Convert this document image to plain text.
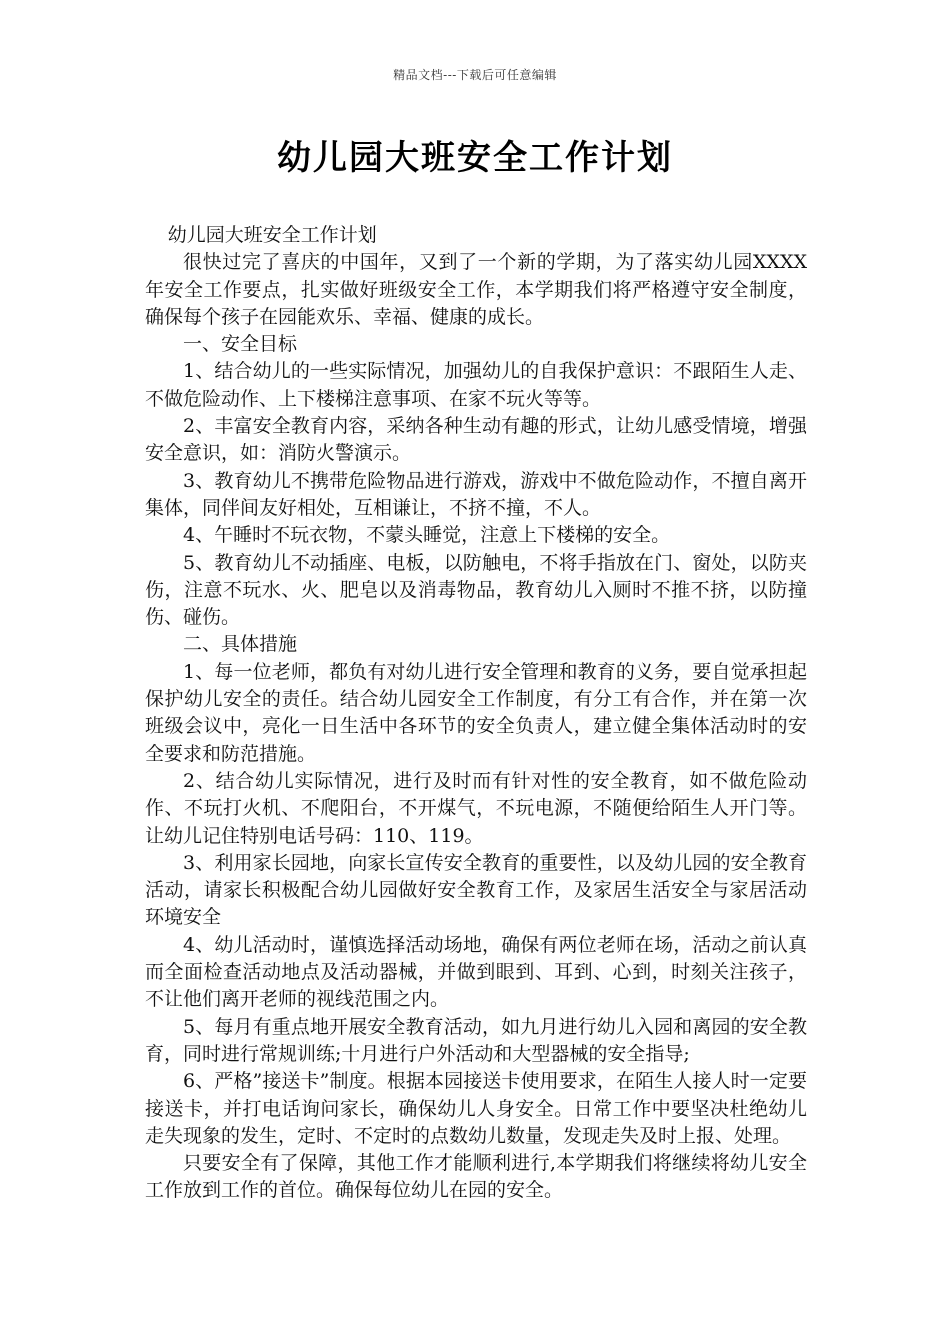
精品文档---下载后可任意编辑
幼儿园大班安全工作计划

幼儿园大班安全工作计划

很快过完了喜庆的中国年，又到了一个新的学期，为了落实幼儿园XXXX年安全工作要点，扎实做好班级安全工作，本学期我们将严格遵守安全制度，确保每个孩子在园能欢乐、幸福、健康的成长。

一、安全目标

1、结合幼儿的一些实际情况，加强幼儿的自我保护意识：不跟陌生人走、不做危险动作、上下楼梯注意事项、在家不玩火等等。

2、丰富安全教育内容，采纳各种生动有趣的形式，让幼儿感受情境，增强安全意识，如：消防火警演示。

3、教育幼儿不携带危险物品进行游戏，游戏中不做危险动作，不擅自离开集体，同伴间友好相处，互相谦让，不挤不撞，不人。

4、午睡时不玩衣物，不蒙头睡觉，注意上下楼梯的安全。

5、教育幼儿不动插座、电板，以防触电，不将手指放在门、窗处，以防夹伤，注意不玩水、火、肥皂以及消毒物品，教育幼儿入厕时不推不挤，以防撞伤、碰伤。

二、具体措施

1、每一位老师，都负有对幼儿进行安全管理和教育的义务，要自觉承担起保护幼儿安全的责任。结合幼儿园安全工作制度，有分工有合作，并在第一次班级会议中，亮化一日生活中各环节的安全负责人，建立健全集体活动时的安全要求和防范措施。

2、结合幼儿实际情况，进行及时而有针对性的安全教育，如不做危险动作、不玩打火机、不爬阳台，不开煤气，不玩电源，不随便给陌生人开门等。让幼儿记住特别电话号码：110、119。

3、利用家长园地，向家长宣传安全教育的重要性，以及幼儿园的安全教育活动，请家长积极配合幼儿园做好安全教育工作，及家居生活安全与家居活动环境安全

4、幼儿活动时，谨慎选择活动场地，确保有两位老师在场，活动之前认真而全面检查活动地点及活动器械，并做到眼到、耳到、心到，时刻关注孩子，不让他们离开老师的视线范围之内。

5、每月有重点地开展安全教育活动，如九月进行幼儿入园和离园的安全教育，同时进行常规训练;十月进行户外活动和大型器械的安全指导;

6、严格”接送卡”制度。根据本园接送卡使用要求，在陌生人接人时一定要接送卡，并打电话询问家长，确保幼儿人身安全。日常工作中要坚决杜绝幼儿走失现象的发生，定时、不定时的点数幼儿数量，发现走失及时上报、处理。

只要安全有了保障，其他工作才能顺利进行,本学期我们将继续将幼儿安全工作放到工作的首位。确保每位幼儿在园的安全。
